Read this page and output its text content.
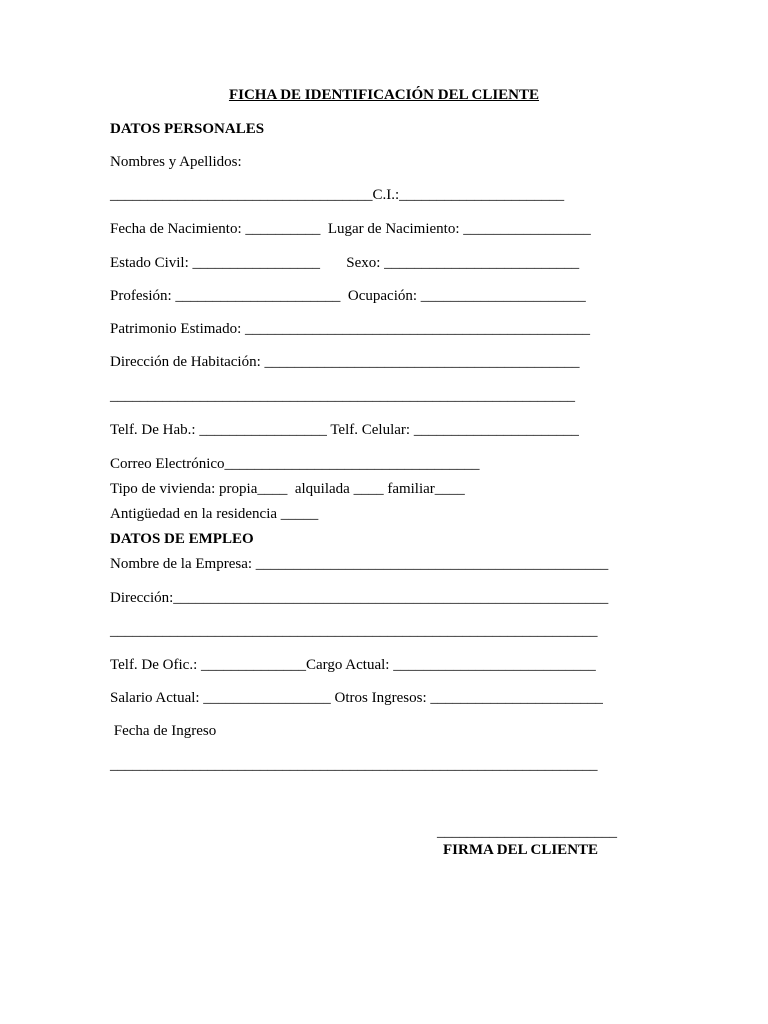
FICHA DE IDENTIFICACIÓN DEL CLIENTE

DATOS PERSONALES

Nombres y Apellidos:

___________________________________C.I.:______________________

Fecha de Nacimiento: __________  Lugar de Nacimiento: _________________

Estado Civil: _________________       Sexo: __________________________

Profesión: ______________________  Ocupación: ______________________

Patrimonio Estimado: ______________________________________________

Dirección de Habitación: __________________________________________

______________________________________________________________

Telf. De Hab.: _________________ Telf. Celular: ______________________

Correo Electrónico__________________________________

Tipo de vivienda: propia____  alquilada ____ familiar____

Antigüedad en la residencia _____

DATOS DE EMPLEO

Nombre de la Empresa: _______________________________________________

Dirección:__________________________________________________________

_________________________________________________________________

Telf. De Ofic.: ______________Cargo Actual: ___________________________

Salario Actual: _________________ Otros Ingresos: _______________________

Fecha de Ingreso

_________________________________________________________________

________________________

FIRMA DEL CLIENTE
